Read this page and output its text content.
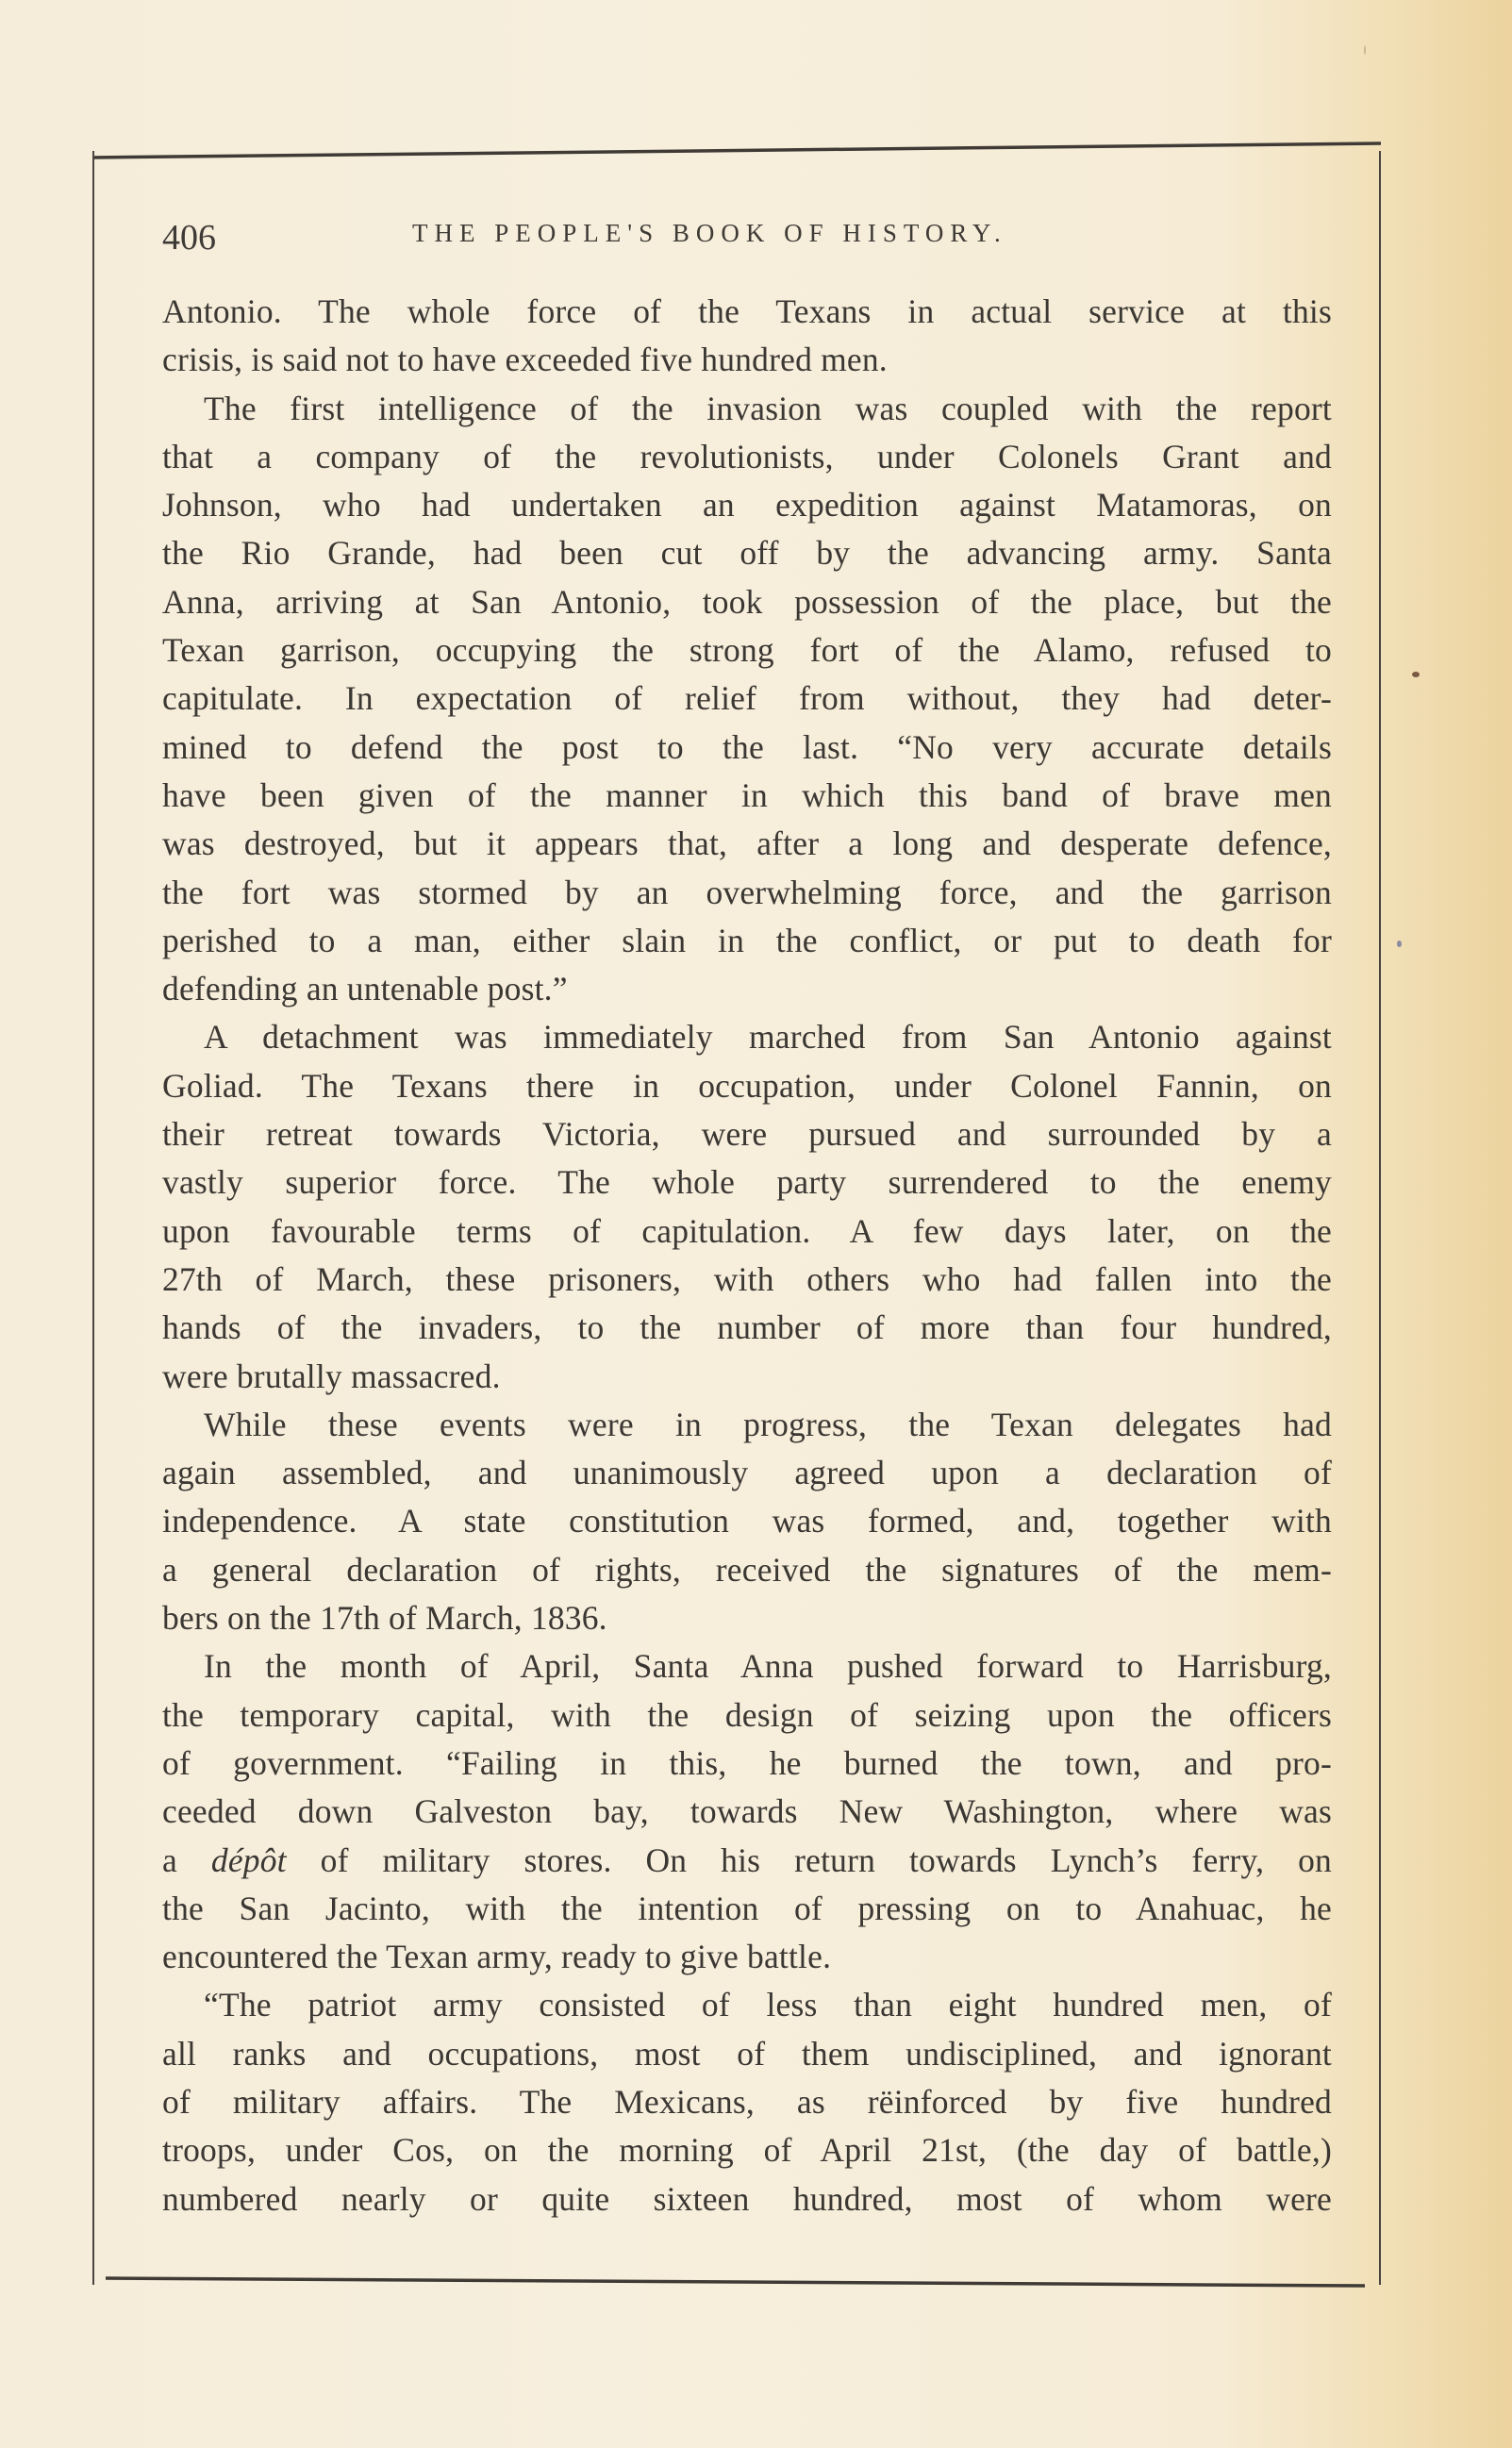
406	THE PEOPLE'S BOOK OF HISTORY.
Antonio. The whole force of the Texans in actual service at this
crisis, is said not to have exceeded five hundred men.
The first intelligence of the invasion was coupled with the report
that a company of the revolutionists, under Colonels Grant and
Johnson, who had undertaken an expedition against Matamoras, on
the Rio Grande, had been cut off by the advancing army. Santa
Anna, arriving at San Antonio, took possession of the place, but the
Texan garrison, occupying the strong fort of the Alamo, refused to
capitulate. In expectation of relief from without, they had deter-
mined to defend the post to the last. “No very accurate details
have been given of the manner in which this band of brave men
was destroyed, but it appears that, after a long and desperate defence,
the fort was stormed by an overwhelming force, and the garrison
perished to a man, either slain in the conflict, or put to death for
defending an untenable post.”
A detachment was immediately marched from San Antonio against
Goliad. The Texans there in occupation, under Colonel Fannin, on
their retreat towards Victoria, were pursued and surrounded by a
vastly superior force. The whole party surrendered to the enemy
upon favourable terms of capitulation. A few days later, on the
27th of March, these prisoners, with others who had fallen into the
hands of the invaders, to the number of more than four hundred,
were brutally massacred.
While these events were in progress, the Texan delegates had
again assembled, and unanimously agreed upon a declaration of
independence. A state constitution was formed, and, together with
a general declaration of rights, received the signatures of the mem-
bers on the 17th of March, 1836.
In the month of April, Santa Anna pushed forward to Harrisburg,
the temporary capital, with the design of seizing upon the officers
of government. “Failing in this, he burned the town, and pro-
ceeded down Galveston bay, towards New Washington, where was
a dépôt of military stores. On his return towards Lynch’s ferry, on
the San Jacinto, with the intention of pressing on to Anahuac, he
encountered the Texan army, ready to give battle.
“The patriot army consisted of less than eight hundred men, of
all ranks and occupations, most of them undisciplined, and ignorant
of military affairs. The Mexicans, as rëinforced by five hundred
troops, under Cos, on the morning of April 21st, (the day of battle,)
numbered nearly or quite sixteen hundred, most of whom were
